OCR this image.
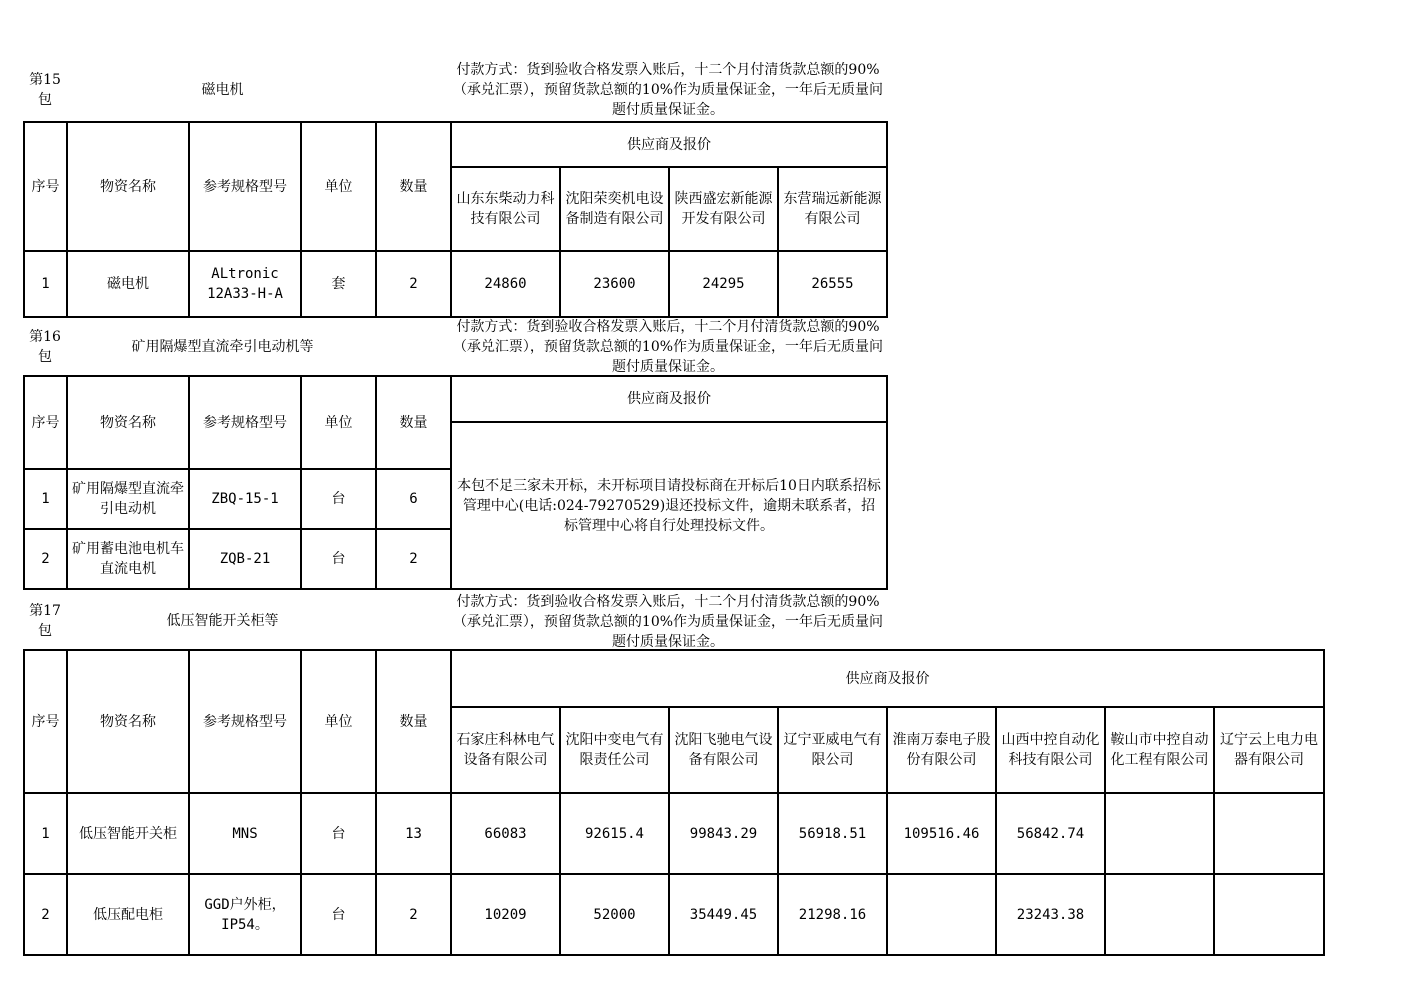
第15包
磁电机
付款方式：货到验收合格发票入账后，十二个月付清货款总额的90%（承兑汇票），预留货款总额的10%作为质量保证金，一年后无质量问题付质量保证金。
序号	物资名称	参考规格型号	单位	数量	供应商及报价			
					山东东柴动力科技有限公司	沈阳荣奕机电设备制造有限公司	陕西盛宏新能源开发有限公司	东营瑞远新能源有限公司
1	磁电机	ALtronic 12A33-H-A	套	2	24860	23600	24295	26555
第16包
矿用隔爆型直流牵引电动机等
付款方式：货到验收合格发票入账后，十二个月付清货款总额的90%（承兑汇票），预留货款总额的10%作为质量保证金，一年后无质量问题付质量保证金。
序号	物资名称	参考规格型号	单位	数量	供应商及报价
					本包不足三家未开标，未开标项目请投标商在开标后10日内联系招标管理中心(电话:024-79270529)退还投标文件，逾期未联系者，招标管理中心将自行处理投标文件。
1	矿用隔爆型直流牵引电动机	ZBQ-15-1	台	6	
2	矿用蓄电池电机车直流电机	ZQB-21	台	2	
第17包
低压智能开关柜等
付款方式：货到验收合格发票入账后，十二个月付清货款总额的90%（承兑汇票），预留货款总额的10%作为质量保证金，一年后无质量问题付质量保证金。
序号	物资名称	参考规格型号	单位	数量	供应商及报价							
					石家庄科林电气设备有限公司	沈阳中变电气有限责任公司	沈阳飞驰电气设备有限公司	辽宁亚威电气有限公司	淮南万泰电子股份有限公司	山西中控自动化科技有限公司	鞍山市中控自动化工程有限公司	辽宁云上电力电器有限公司
1	低压智能开关柜	MNS	台	13	66083	92615.4	99843.29	56918.51	109516.46	56842.74		
2	低压配电柜	GGD户外柜，IP54。	台	2	10209	52000	35449.45	21298.16		23243.38		
